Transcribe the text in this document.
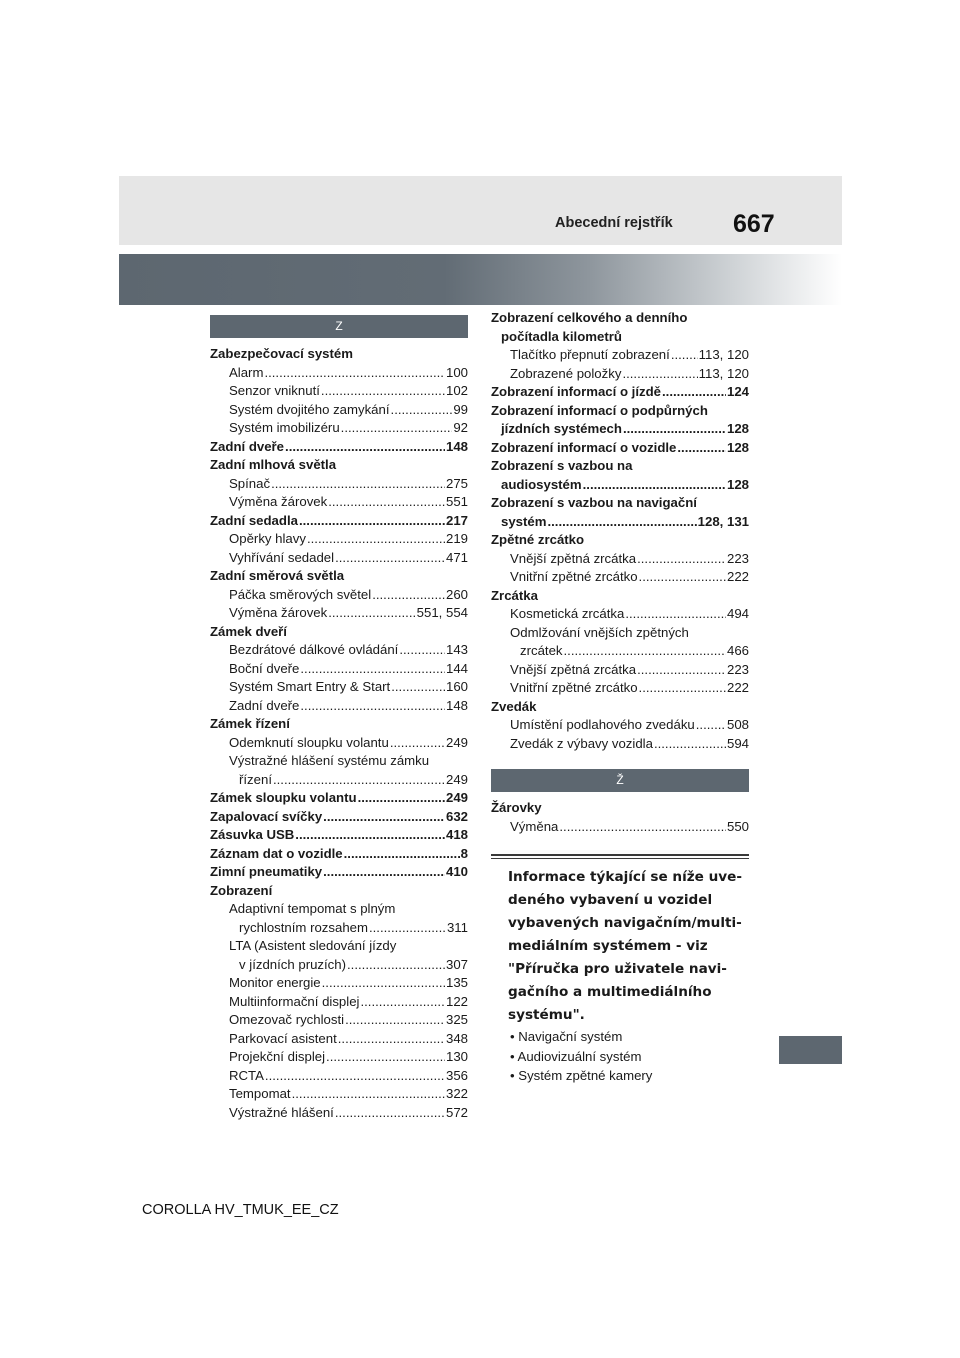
Abecední rejstřík 667
Z
Zabezpečovací systém
Alarm .....	100
Senzor vniknutí .....	102
Systém dvojitého zamykání .....	99
Systém imobilizéru .....	92
Zadní dveře .....	148
Zadní mlhová světla
Spínač .....	275
Výměna žárovek .....	551
Zadní sedadla .....	217
Opěrky hlavy .....	219
Vyhřívání sedadel .....	471
Zadní směrová světla
Páčka směrových světel .....	260
Výměna žárovek .....	551, 554
Zámek dveří
Bezdrátové dálkové ovládání .....	143
Boční dveře .....	144
Systém Smart Entry & Start .....	160
Zadní dveře .....	148
Zámek řízení
Odemknutí sloupku volantu .....	249
Výstražné hlášení systému zámku
řízení .....	249
Zámek sloupku volantu .....	249
Zapalovací svíčky .....	632
Zásuvka USB .....	418
Záznam dat o vozidle .....	8
Zimní pneumatiky .....	410
Zobrazení
Adaptivní tempomat s plným
rychlostním rozsahem .....	311
LTA (Asistent sledování jízdy
v jízdních pruzích) .....	307
Monitor energie .....	135
Multiinformační displej .....	122
Omezovač rychlosti .....	325
Parkovací asistent .....	348
Projekční displej .....	130
RCTA .....	356
Tempomat .....	322
Výstražné hlášení .....	572
Zobrazení celkového a denního
počítadla kilometrů
Tlačítko přepnutí zobrazení ..... 113, 120
Zobrazené položky .....	113, 120
Zobrazení informací o jízdě .....	124
Zobrazení informací o podpůrných
jízdních systémech .....	128
Zobrazení informací o vozidle .....	128
Zobrazení s vazbou na
audiosystém .....	128
Zobrazení s vazbou na navigační
systém .....	128, 131
Zpětné zrcátko
Vnější zpětná zrcátka .....	223
Vnitřní zpětné zrcátko .....	222
Zrcátka
Kosmetická zrcátka .....	494
Odmlžování vnějších zpětných
zrcátek .....	466
Vnější zpětná zrcátka .....	223
Vnitřní zpětné zrcátko .....	222
Zvedák
Umístění podlahového zvedáku ..... 508
Zvedák z výbavy vozidla .....	594
Ž
Žárovky
Výměna .....	550
Informace týkající se níže uve-
deného vybavení u vozidel
vybavených navigačním/multi-
mediálním systémem - viz
"Příručka pro uživatele navi-
gačního a multimediálního
systému".
• Navigační systém
• Audiovizuální systém
• Systém zpětné kamery
COROLLA HV_TMUK_EE_CZ
